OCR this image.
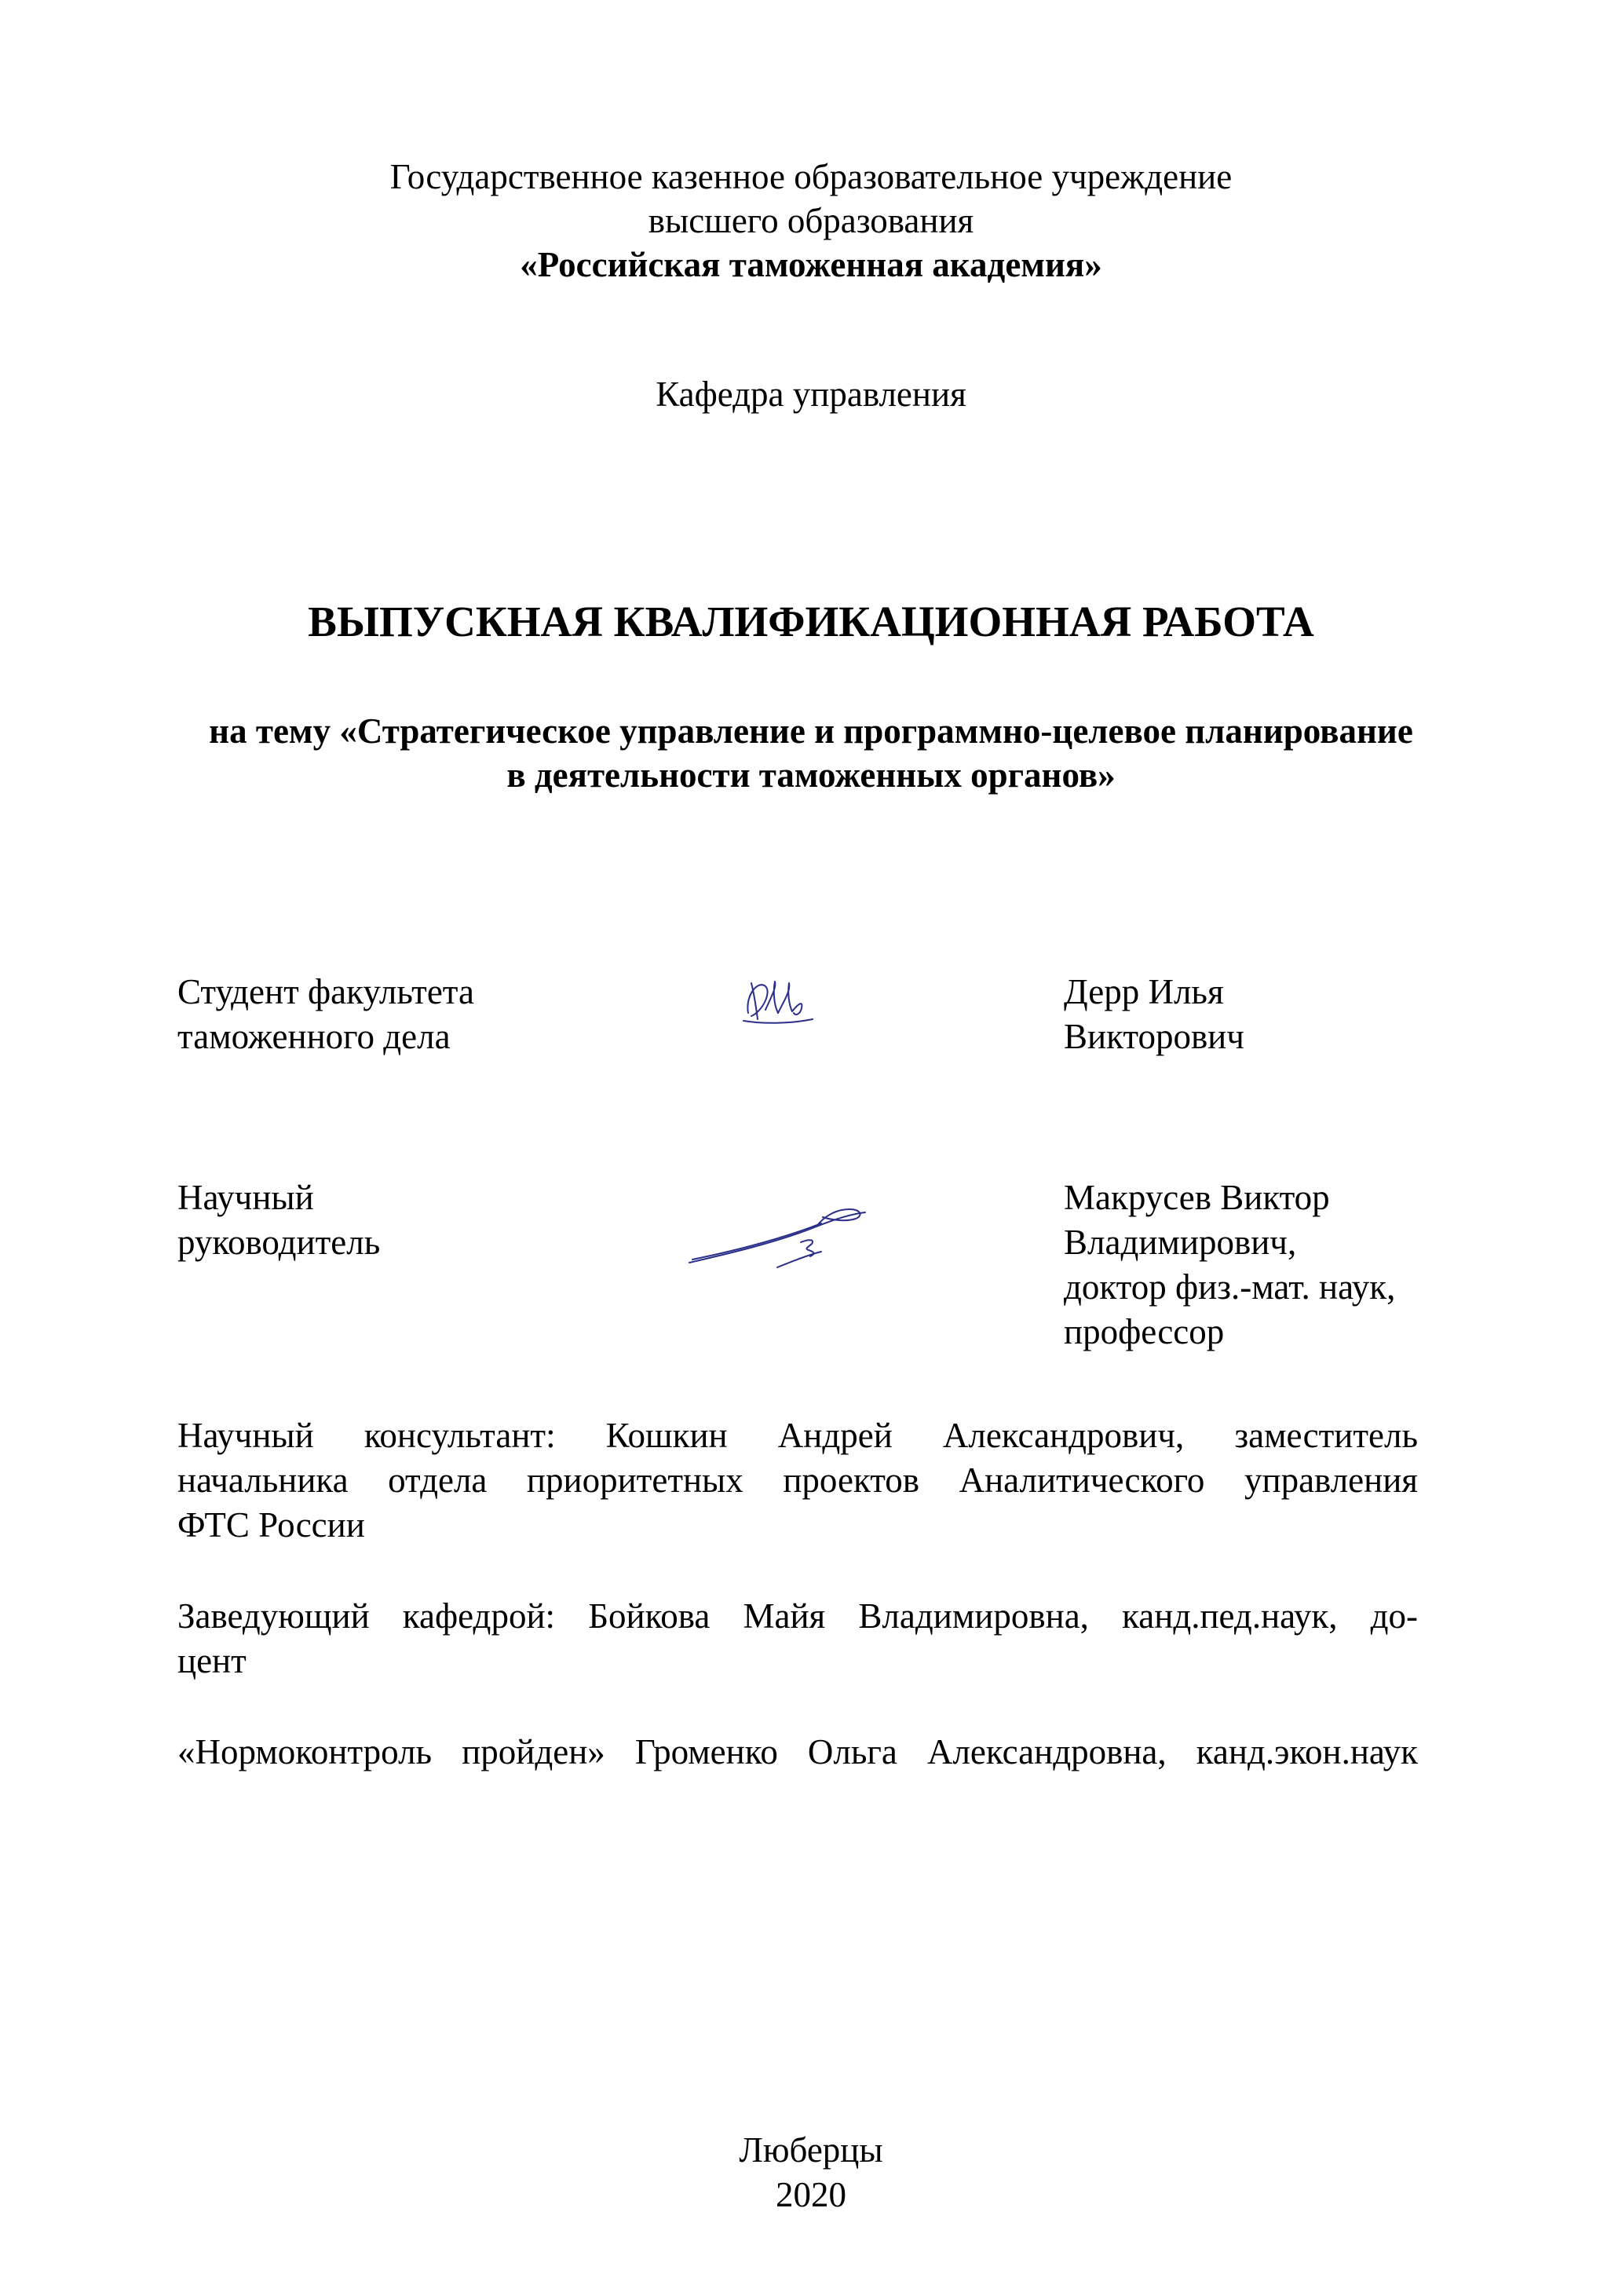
Государственное казенное образовательное учреждение
высшего образования
«Российская таможенная академия»
Кафедра управления
ВЫПУСКНАЯ КВАЛИФИКАЦИОННАЯ РАБОТА
на тему «Стратегическое управление и программно-целевое планирование
в деятельности таможенных органов»
Студент факультета
таможенного дела
Дерр Илья
Викторович
Научный
руководитель
Макрусев Виктор
Владимирович,
доктор физ.-мат. наук,
профессор
Научный консультант: Кошкин Андрей Александрович, заместитель
начальника отдела приоритетных проектов Аналитического управления
ФТС России
Заведующий кафедрой: Бойкова Майя Владимировна, канд.пед.наук, до-
цент
«Нормоконтроль пройден» Громенко Ольга Александровна, канд.экон.наук
Люберцы
2020
